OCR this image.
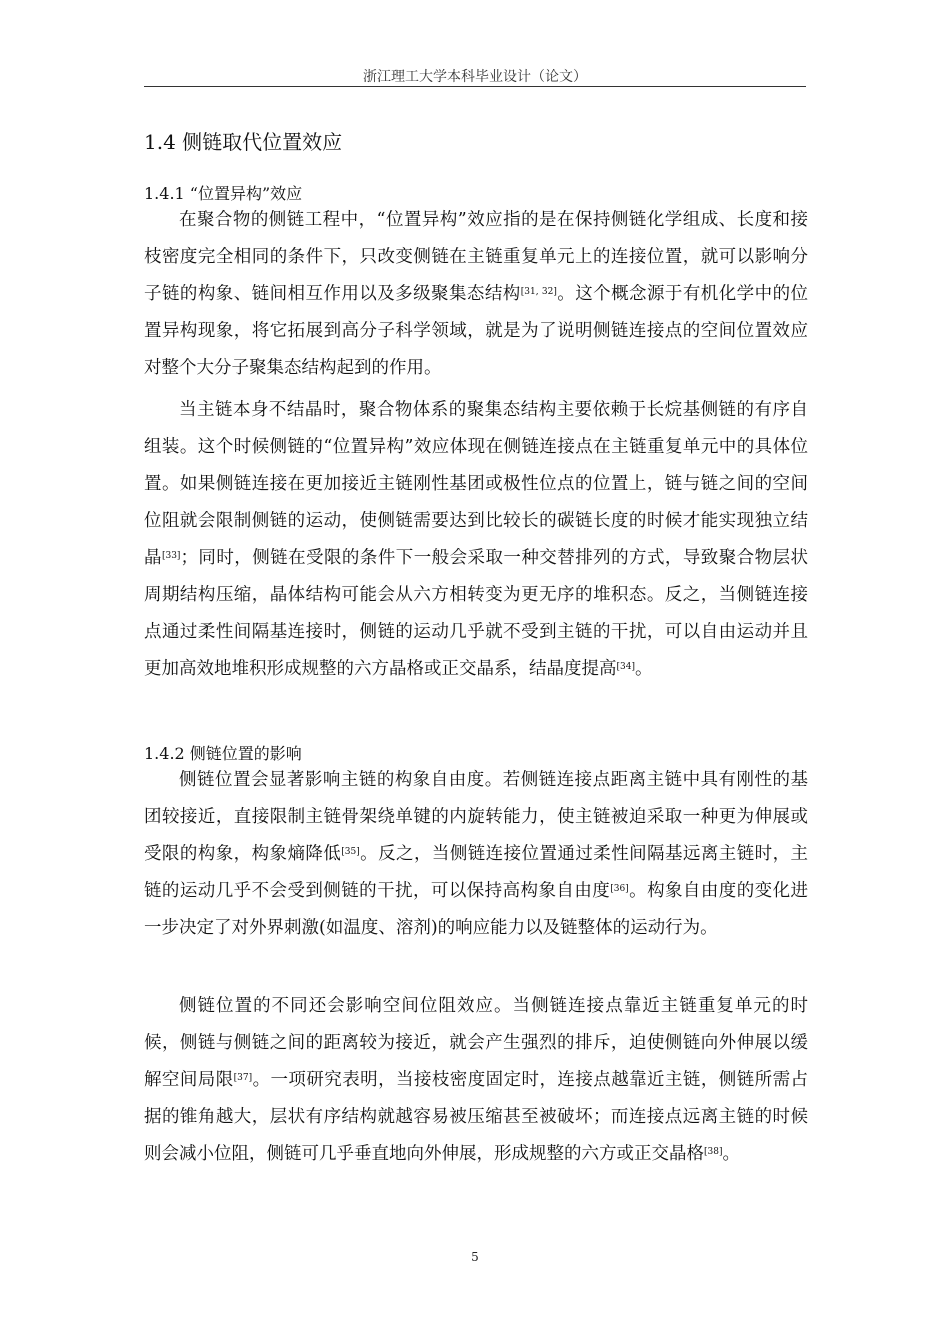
浙江理工大学本科毕业设计（论文）
1.4 侧链取代位置效应
1.4.1 “位置异构”效应

在聚合物的侧链工程中，“位置异构”效应指的是在保持侧链化学组成、长度和接枝密度完全相同的条件下，只改变侧链在主链重复单元上的连接位置，就可以影响分子链的构象、链间相互作用以及多级聚集态结构[31, 32]。这个概念源于有机化学中的位置异构现象，将它拓展到高分子科学领域，就是为了说明侧链连接点的空间位置效应对整个大分子聚集态结构起到的作用。

当主链本身不结晶时，聚合物体系的聚集态结构主要依赖于长烷基侧链的有序自组装。这个时候侧链的“位置异构”效应体现在侧链连接点在主链重复单元中的具体位置。如果侧链连接在更加接近主链刚性基团或极性位点的位置上，链与链之间的空间位阻就会限制侧链的运动，使侧链需要达到比较长的碳链长度的时候才能实现独立结晶[33]；同时，侧链在受限的条件下一般会采取一种交替排列的方式，导致聚合物层状周期结构压缩，晶体结构可能会从六方相转变为更无序的堆积态。反之，当侧链连接点通过柔性间隔基连接时，侧链的运动几乎就不受到主链的干扰，可以自由运动并且更加高效地堆积形成规整的六方晶格或正交晶系，结晶度提高[34]。

1.4.2 侧链位置的影响

侧链位置会显著影响主链的构象自由度。若侧链连接点距离主链中具有刚性的基团较接近，直接限制主链骨架绕单键的内旋转能力，使主链被迫采取一种更为伸展或受限的构象，构象熵降低[35]。反之，当侧链连接位置通过柔性间隔基远离主链时，主链的运动几乎不会受到侧链的干扰，可以保持高构象自由度[36]。构象自由度的变化进一步决定了对外界刺激(如温度、溶剂)的响应能力以及链整体的运动行为。

侧链位置的不同还会影响空间位阻效应。当侧链连接点靠近主链重复单元的时候，侧链与侧链之间的距离较为接近，就会产生强烈的排斥，迫使侧链向外伸展以缓解空间局限[37]。一项研究表明，当接枝密度固定时，连接点越靠近主链，侧链所需占据的锥角越大，层状有序结构就越容易被压缩甚至被破坏；而连接点远离主链的时候则会减小位阻，侧链可几乎垂直地向外伸展，形成规整的六方或正交晶格[38]。

5
